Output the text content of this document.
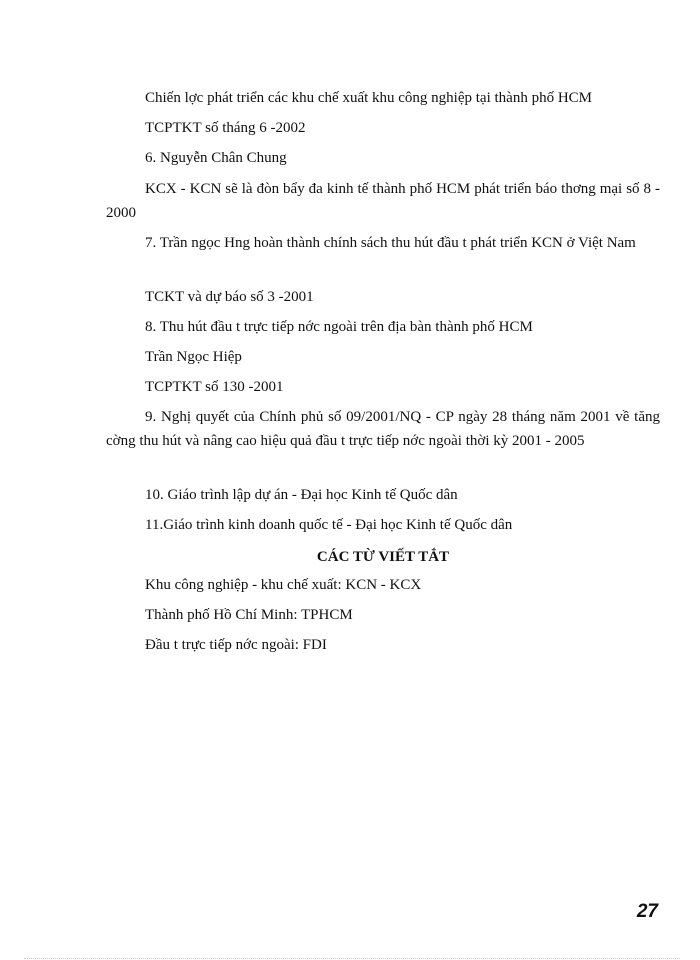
Chiến lợc phát triển các khu chế xuất khu công nghiệp tại thành phố HCM
TCPTKT số tháng 6 -2002
6. Nguyễn Chân Chung
KCX - KCN sẽ là đòn bẩy đa kinh tế thành phố HCM phát triển báo thơng mại số 8 - 2000
7. Trần ngọc Hng hoàn thành chính sách thu hút đầu t phát triển KCN ở Việt Nam
TCKT và dự báo số 3 -2001
8. Thu hút đầu t trực tiếp nớc ngoài trên địa bàn thành phố HCM
Trần Ngọc Hiệp
TCPTKT số 130 -2001
9. Nghị quyết của Chính phủ số 09/2001/NQ - CP ngày 28 tháng năm 2001 về tăng cờng thu hút và nâng cao hiệu quả đầu t trực tiếp nớc ngoài thời kỳ 2001 - 2005
10. Giáo trình lập dự án - Đại học Kinh tế Quốc dân
11.Giáo trình kinh doanh quốc tế - Đại học Kinh tế Quốc dân
CÁC TỪ VIẾT TẮT
Khu công nghiệp - khu chế xuất: KCN - KCX
Thành phố Hồ Chí Minh: TPHCM
Đầu t trực tiếp nớc ngoài: FDI
27
